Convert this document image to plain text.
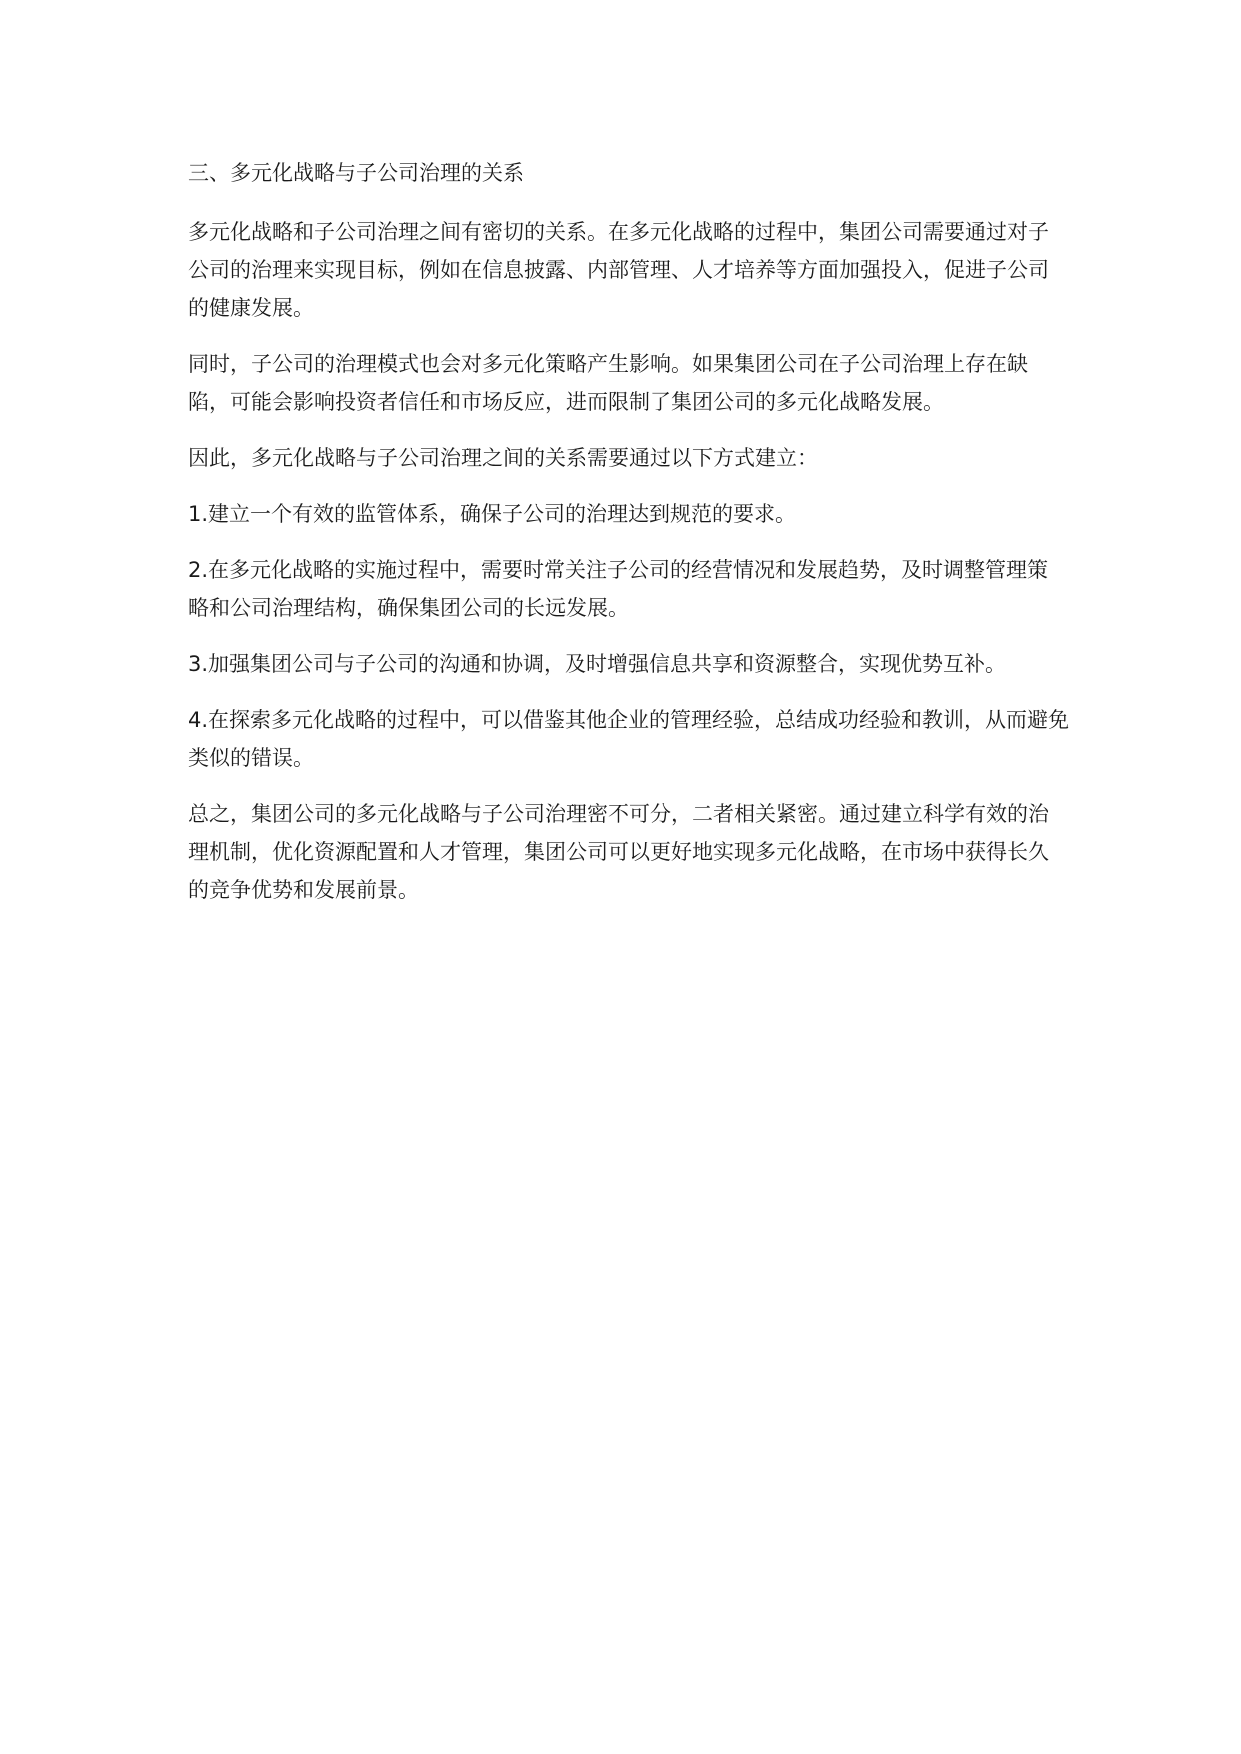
三、多元化战略与子公司治理的关系

多元化战略和子公司治理之间有密切的关系。在多元化战略的过程中，集团公司需要通过对子公司的治理来实现目标，例如在信息披露、内部管理、人才培养等方面加强投入，促进子公司的健康发展。

同时，子公司的治理模式也会对多元化策略产生影响。如果集团公司在子公司治理上存在缺陷，可能会影响投资者信任和市场反应，进而限制了集团公司的多元化战略发展。

因此，多元化战略与子公司治理之间的关系需要通过以下方式建立：

1.建立一个有效的监管体系，确保子公司的治理达到规范的要求。

2.在多元化战略的实施过程中，需要时常关注子公司的经营情况和发展趋势，及时调整管理策略和公司治理结构，确保集团公司的长远发展。

3.加强集团公司与子公司的沟通和协调，及时增强信息共享和资源整合，实现优势互补。

4.在探索多元化战略的过程中，可以借鉴其他企业的管理经验，总结成功经验和教训，从而避免类似的错误。

总之，集团公司的多元化战略与子公司治理密不可分，二者相关紧密。通过建立科学有效的治理机制，优化资源配置和人才管理，集团公司可以更好地实现多元化战略，在市场中获得长久的竞争优势和发展前景。
